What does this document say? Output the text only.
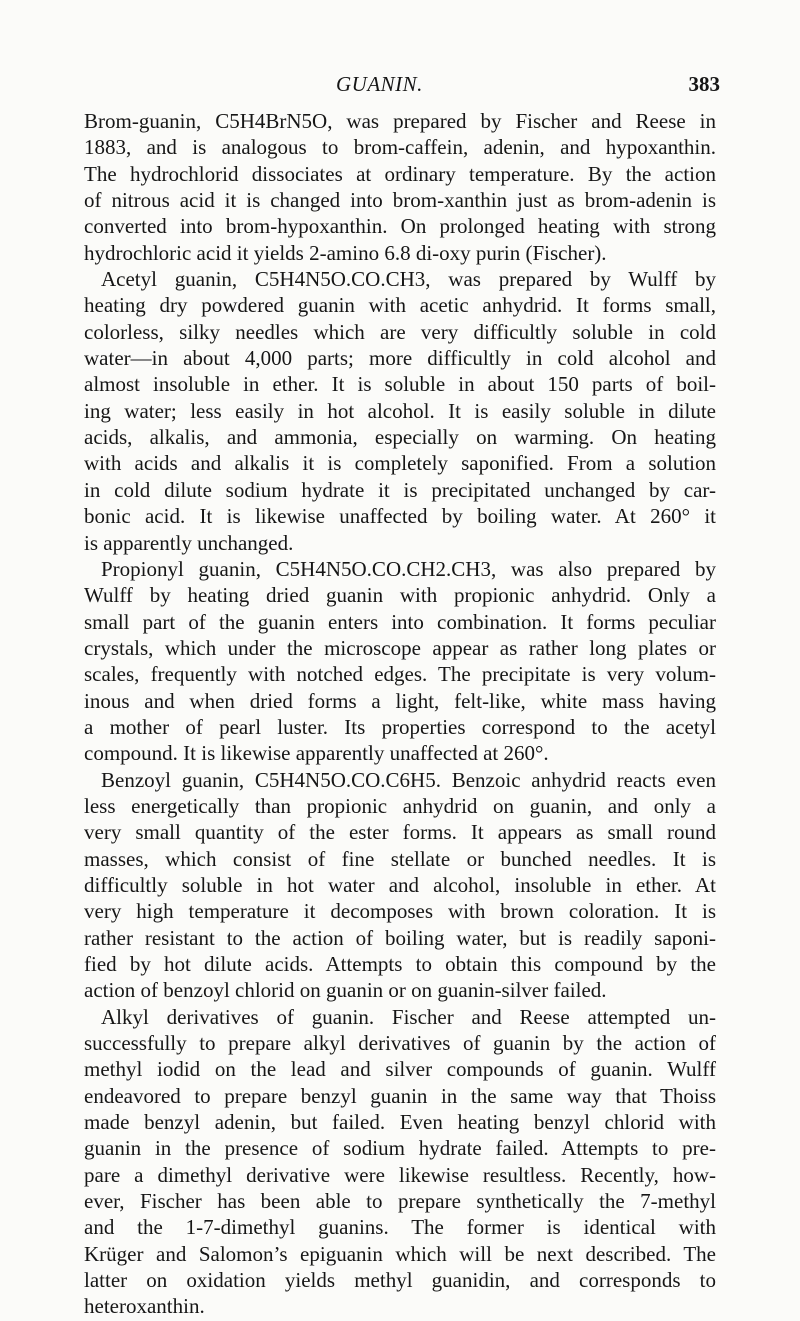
GUANIN.	383
Brom-guanin, C5H4BrN5O, was prepared by Fischer and Reese in
1883, and is analogous to brom-caffein, adenin, and hypoxanthin.
The hydrochlorid dissociates at ordinary temperature. By the action
of nitrous acid it is changed into brom-xanthin just as brom-adenin is
converted into brom-hypoxanthin. On prolonged heating with strong
hydrochloric acid it yields 2-amino 6.8 di-oxy purin (Fischer).
Acetyl guanin, C5H4N5O.CO.CH3, was prepared by Wulff by
heating dry powdered guanin with acetic anhydrid. It forms small,
colorless, silky needles which are very difficultly soluble in cold
water—in about 4,000 parts; more difficultly in cold alcohol and
almost insoluble in ether. It is soluble in about 150 parts of boil-
ing water; less easily in hot alcohol. It is easily soluble in dilute
acids, alkalis, and ammonia, especially on warming. On heating
with acids and alkalis it is completely saponified. From a solution
in cold dilute sodium hydrate it is precipitated unchanged by car-
bonic acid. It is likewise unaffected by boiling water. At 260° it
is apparently unchanged.
Propionyl guanin, C5H4N5O.CO.CH2.CH3, was also prepared by
Wulff by heating dried guanin with propionic anhydrid. Only a
small part of the guanin enters into combination. It forms peculiar
crystals, which under the microscope appear as rather long plates or
scales, frequently with notched edges. The precipitate is very volum-
inous and when dried forms a light, felt-like, white mass having
a mother of pearl luster. Its properties correspond to the acetyl
compound. It is likewise apparently unaffected at 260°.
Benzoyl guanin, C5H4N5O.CO.C6H5. Benzoic anhydrid reacts even
less energetically than propionic anhydrid on guanin, and only a
very small quantity of the ester forms. It appears as small round
masses, which consist of fine stellate or bunched needles. It is
difficultly soluble in hot water and alcohol, insoluble in ether. At
very high temperature it decomposes with brown coloration. It is
rather resistant to the action of boiling water, but is readily saponi-
fied by hot dilute acids. Attempts to obtain this compound by the
action of benzoyl chlorid on guanin or on guanin-silver failed.
Alkyl derivatives of guanin. Fischer and Reese attempted un-
successfully to prepare alkyl derivatives of guanin by the action of
methyl iodid on the lead and silver compounds of guanin. Wulff
endeavored to prepare benzyl guanin in the same way that Thoiss
made benzyl adenin, but failed. Even heating benzyl chlorid with
guanin in the presence of sodium hydrate failed. Attempts to pre-
pare a dimethyl derivative were likewise resultless. Recently, how-
ever, Fischer has been able to prepare synthetically the 7-methyl
and the 1-7-dimethyl guanins. The former is identical with
Krüger and Salomon’s epiguanin which will be next described. The
latter on oxidation yields methyl guanidin, and corresponds to
heteroxanthin.
